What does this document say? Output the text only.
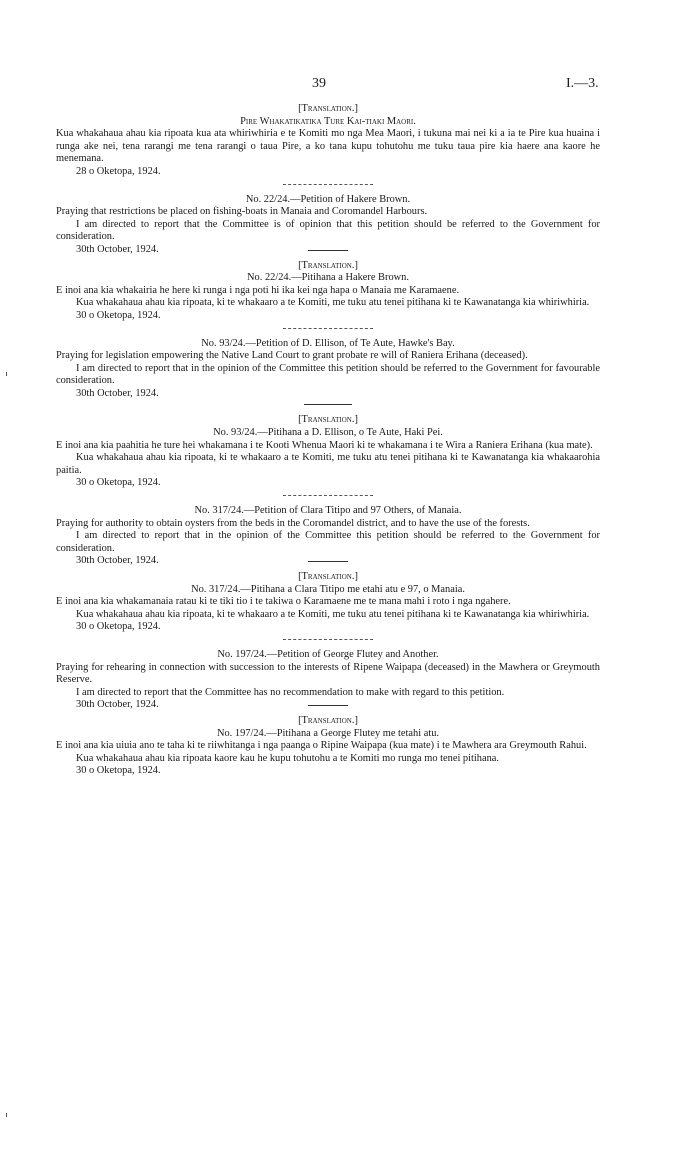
39	I.—3.
[Translation.]
Pire Whakatikatika Ture Kai-tiaki Maori.
Kua whakahaua ahau kia ripoata kua ata whiriwhiria e te Komiti mo nga Mea Maori, i tukuna mai nei ki a ia te Pire kua huaina i runga ake nei, tena rarangi me tena rarangi o taua Pire, a ko tana kupu tohutohu me tuku taua pire kia haere ana kaore he menemana.
28 o Oketopa, 1924.
No. 22/24.—Petition of Hakere Brown.
Praying that restrictions be placed on fishing-boats in Manaia and Coromandel Harbours.
I am directed to report that the Committee is of opinion that this petition should be referred to the Government for consideration.
30th October, 1924.
[Translation.]
No. 22/24.—Pitihana a Hakere Brown.
E inoi ana kia whakairia he here ki runga i nga poti hi ika kei nga hapa o Manaia me Karamaene.
Kua whakahaua ahau kia ripoata, ki te whakaaro a te Komiti, me tuku atu tenei pitihana ki te Kawanatanga kia whiriwhiria.
30 o Oketopa, 1924.
No. 93/24.—Petition of D. Ellison, of Te Aute, Hawke's Bay.
Praying for legislation empowering the Native Land Court to grant probate re will of Raniera Erihana (deceased).
I am directed to report that in the opinion of the Committee this petition should be referred to the Government for favourable consideration.
30th October, 1924.
[Translation.]
No. 93/24.—Pitihana a D. Ellison, o Te Aute, Haki Pei.
E inoi ana kia paahitia he ture hei whakamana i te Kooti Whenua Maori ki te whakamana i te Wira a Raniera Erihana (kua mate).
Kua whakahaua ahau kia ripoata, ki te whakaaro a te Komiti, me tuku atu tenei pitihana ki te Kawanatanga kia whakaarohia paitia.
30 o Oketopa, 1924.
No. 317/24.—Petition of Clara Titipo and 97 Others, of Manaia.
Praying for authority to obtain oysters from the beds in the Coromandel district, and to have the use of the forests.
I am directed to report that in the opinion of the Committee this petition should be referred to the Government for consideration.
30th October, 1924.
[Translation.]
No. 317/24.—Pitihana a Clara Titipo me etahi atu e 97, o Manaia.
E inoi ana kia whakamanaia ratau ki te tiki tio i te takiwa o Karamaene me te mana mahi i roto i nga ngahere.
Kua whakahaua ahau kia ripoata, ki te whakaaro a te Komiti, me tuku atu tenei pitihana ki te Kawanatanga kia whiriwhiria.
30 o Oketopa, 1924.
No. 197/24.—Petition of George Flutey and Another.
Praying for rehearing in connection with succession to the interests of Ripene Waipapa (deceased) in the Mawhera or Greymouth Reserve.
I am directed to report that the Committee has no recommendation to make with regard to this petition.
30th October, 1924.
[Translation.]
No. 197/24.—Pitihana a George Flutey me tetahi atu.
E inoi ana kia uiuia ano te taha ki te riiwhitanga i nga paanga o Ripine Waipapa (kua mate) i te Mawhera ara Greymouth Rahui.
Kua whakahaua ahau kia ripoata kaore kau he kupu tohutohu a te Komiti mo runga mo tenei pitihana.
30 o Oketopa, 1924.
